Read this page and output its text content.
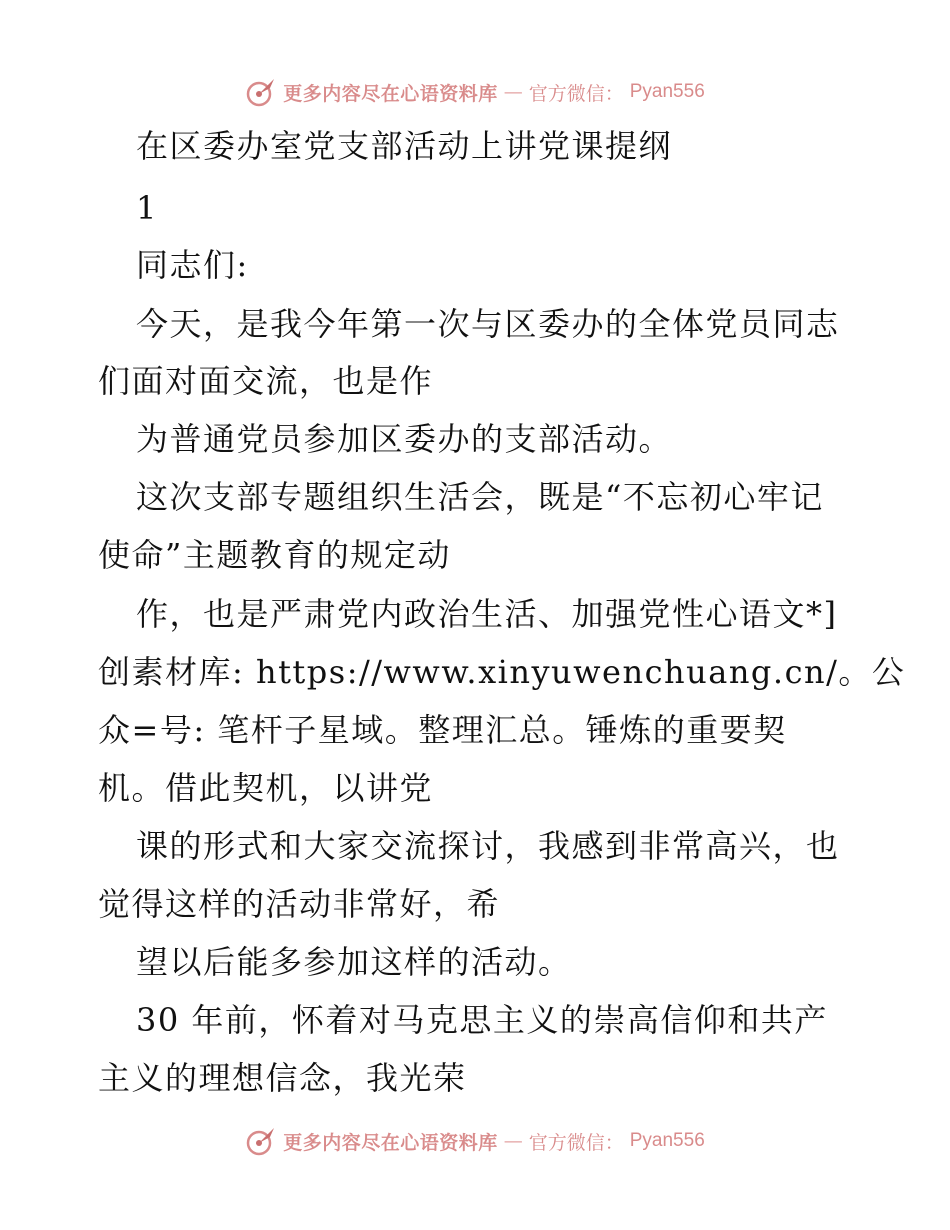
更多内容尽在心语资料库 — 官方微信： Pyan556
在区委办室党支部活动上讲党课提纲
1
同志们:
今天，是我今年第一次与区委办的全体党员同志
们面对面交流，也是作
为普通党员参加区委办的支部活动。
这次支部专题组织生活会，既是“不忘初心牢记
使命”主题教育的规定动
作，也是严肃党内政治生活、加强党性心语文*]
创素材库: https://www.xinyuwenchuang.cn/。公
众=号: 笔杆子星域。整理汇总。锤炼的重要契
机。借此契机，以讲党
课的形式和大家交流探讨，我感到非常高兴，也
觉得这样的活动非常好，希
望以后能多参加这样的活动。
30 年前，怀着对马克思主义的崇高信仰和共产
主义的理想信念，我光荣
更多内容尽在心语资料库 — 官方微信： Pyan556
